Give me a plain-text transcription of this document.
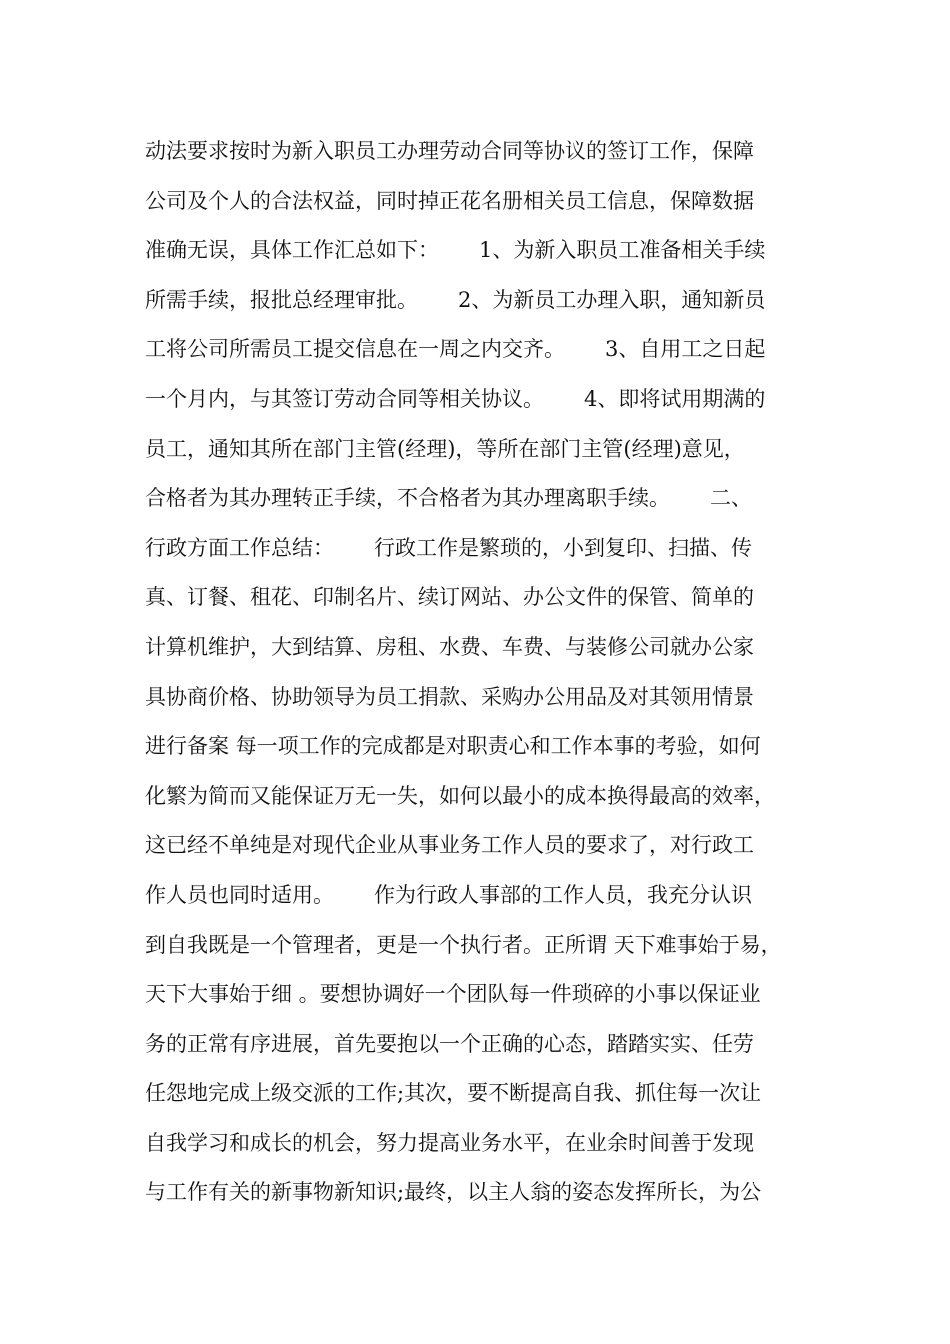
动法要求按时为新入职员工办理劳动合同等协议的签订工作，保障
公司及个人的合法权益，同时掉正花名册相关员工信息，保障数据
准确无误，具体工作汇总如下：      1、为新入职员工准备相关手续
所需手续，报批总经理审批。      2、为新员工办理入职，通知新员
工将公司所需员工提交信息在一周之内交齐。      3、自用工之日起
一个月内，与其签订劳动合同等相关协议。      4、即将试用期满的
员工，通知其所在部门主管(经理)，等所在部门主管(经理)意见，
合格者为其办理转正手续，不合格者为其办理离职手续。      二、
行政方面工作总结：      行政工作是繁琐的，小到复印、扫描、传
真、订餐、租花、印制名片、续订网站、办公文件的保管、简单的
计算机维护，大到结算、房租、水费、车费、与装修公司就办公家
具协商价格、协助领导为员工捐款、采购办公用品及对其领用情景
进行备案 每一项工作的完成都是对职责心和工作本事的考验，如何
化繁为简而又能保证万无一失，如何以最小的成本换得最高的效率，
这已经不单纯是对现代企业从事业务工作人员的要求了，对行政工
作人员也同时适用。      作为行政人事部的工作人员，我充分认识
到自我既是一个管理者，更是一个执行者。正所谓 天下难事始于易，
天下大事始于细 。要想协调好一个团队每一件琐碎的小事以保证业
务的正常有序进展，首先要抱以一个正确的心态，踏踏实实、任劳
任怨地完成上级交派的工作;其次，要不断提高自我、抓住每一次让
自我学习和成长的机会，努力提高业务水平，在业余时间善于发现
与工作有关的新事物新知识;最终，以主人翁的姿态发挥所长，为公
